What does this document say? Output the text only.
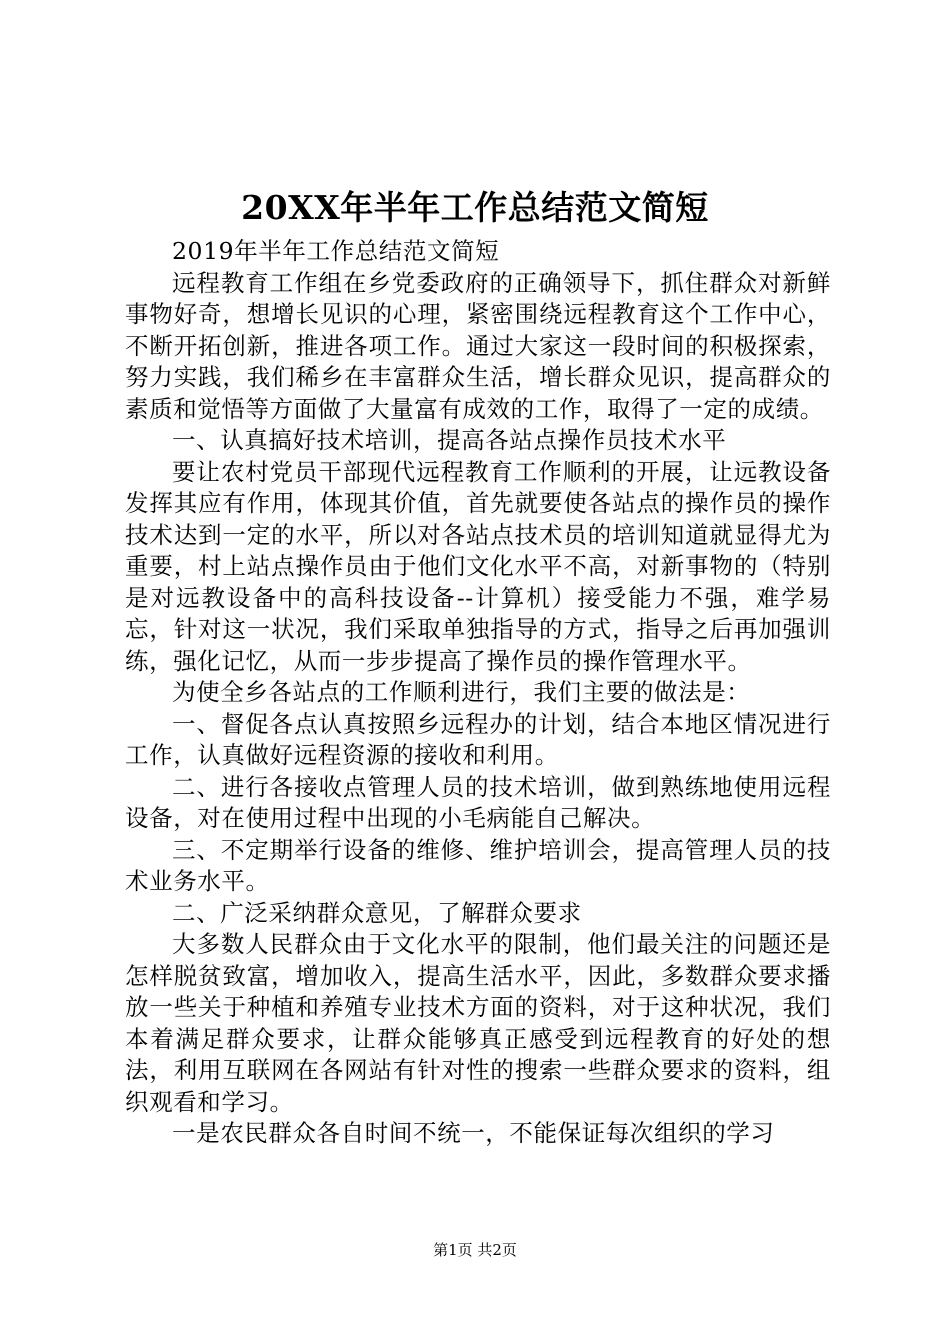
20XX年半年工作总结范文简短

2019年半年工作总结范文简短

远程教育工作组在乡党委政府的正确领导下，抓住群众对新鲜事物好奇，想增长见识的心理，紧密围绕远程教育这个工作中心，不断开拓创新，推进各项工作。通过大家这一段时间的积极探索，努力实践，我们稀乡在丰富群众生活，增长群众见识，提高群众的素质和觉悟等方面做了大量富有成效的工作，取得了一定的成绩。

一、认真搞好技术培训，提高各站点操作员技术水平

要让农村党员干部现代远程教育工作顺利的开展，让远教设备发挥其应有作用，体现其价值，首先就要使各站点的操作员的操作技术达到一定的水平，所以对各站点技术员的培训知道就显得尤为重要，村上站点操作员由于他们文化水平不高，对新事物的（特别是对远教设备中的高科技设备--计算机）接受能力不强，难学易忘，针对这一状况，我们采取单独指导的方式，指导之后再加强训练，强化记忆，从而一步步提高了操作员的操作管理水平。

为使全乡各站点的工作顺利进行，我们主要的做法是：

一、督促各点认真按照乡远程办的计划，结合本地区情况进行工作，认真做好远程资源的接收和利用。

二、进行各接收点管理人员的技术培训，做到熟练地使用远程设备，对在使用过程中出现的小毛病能自己解决。

三、不定期举行设备的维修、维护培训会，提高管理人员的技术业务水平。

二、广泛采纳群众意见，了解群众要求

大多数人民群众由于文化水平的限制，他们最关注的问题还是怎样脱贫致富，增加收入，提高生活水平，因此，多数群众要求播放一些关于种植和养殖专业技术方面的资料，对于这种状况，我们本着满足群众要求，让群众能够真正感受到远程教育的好处的想法，利用互联网在各网站有针对性的搜索一些群众要求的资料，组织观看和学习。

一是农民群众各自时间不统一，不能保证每次组织的学习

第1页 共2页
